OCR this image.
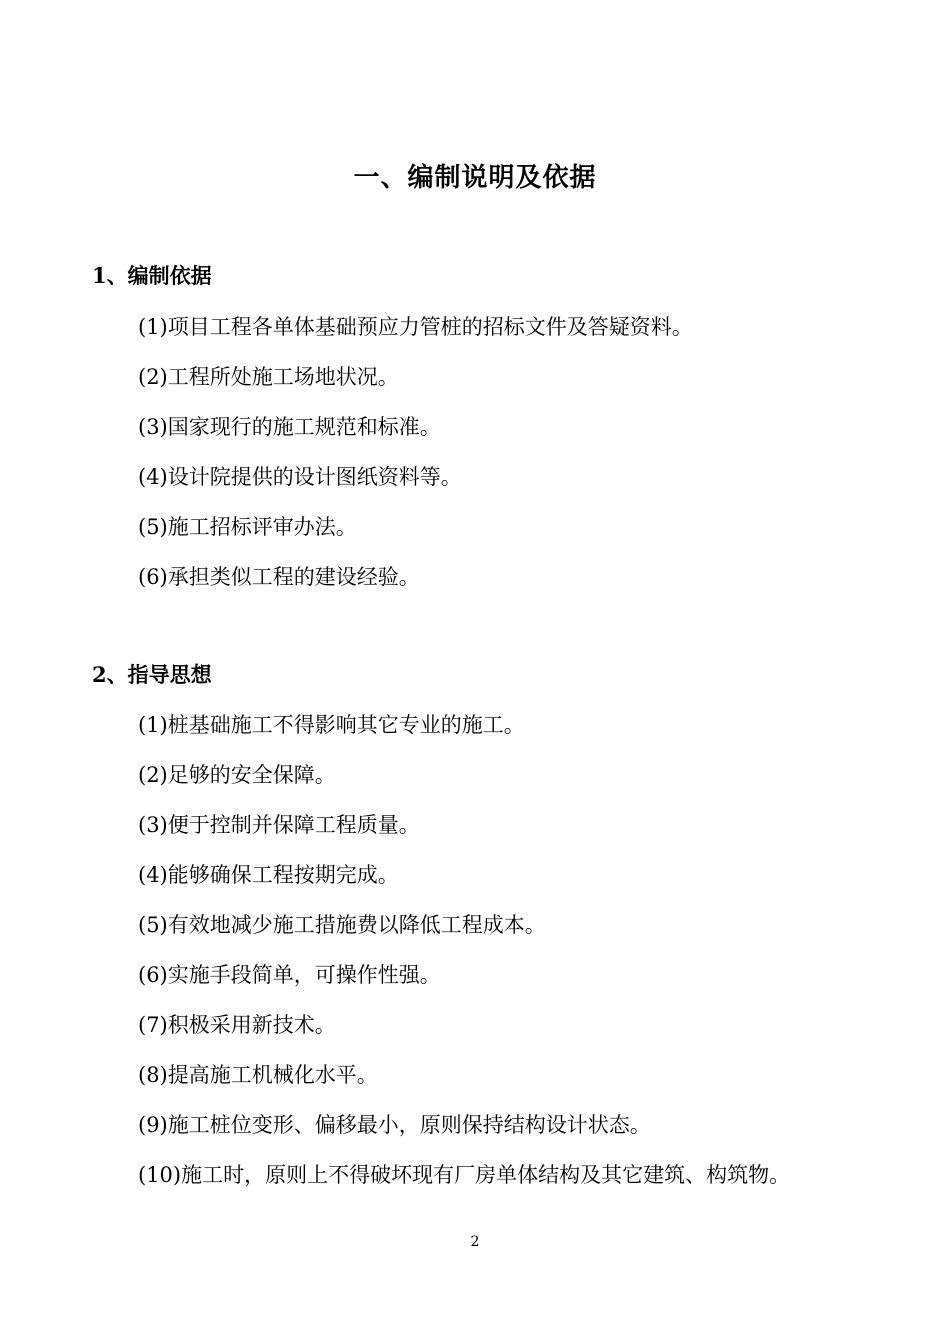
一、编制说明及依据
1、编制依据
(1)项目工程各单体基础预应力管桩的招标文件及答疑资料。
(2)工程所处施工场地状况。
(3)国家现行的施工规范和标准。
(4)设计院提供的设计图纸资料等。
(5)施工招标评审办法。
(6)承担类似工程的建设经验。
2、指导思想
(1)桩基础施工不得影响其它专业的施工。
(2)足够的安全保障。
(3)便于控制并保障工程质量。
(4)能够确保工程按期完成。
(5)有效地减少施工措施费以降低工程成本。
(6)实施手段简单，可操作性强。
(7)积极采用新技术。
(8)提高施工机械化水平。
(9)施工桩位变形、偏移最小，原则保持结构设计状态。
(10)施工时，原则上不得破坏现有厂房单体结构及其它建筑、构筑物。
2
